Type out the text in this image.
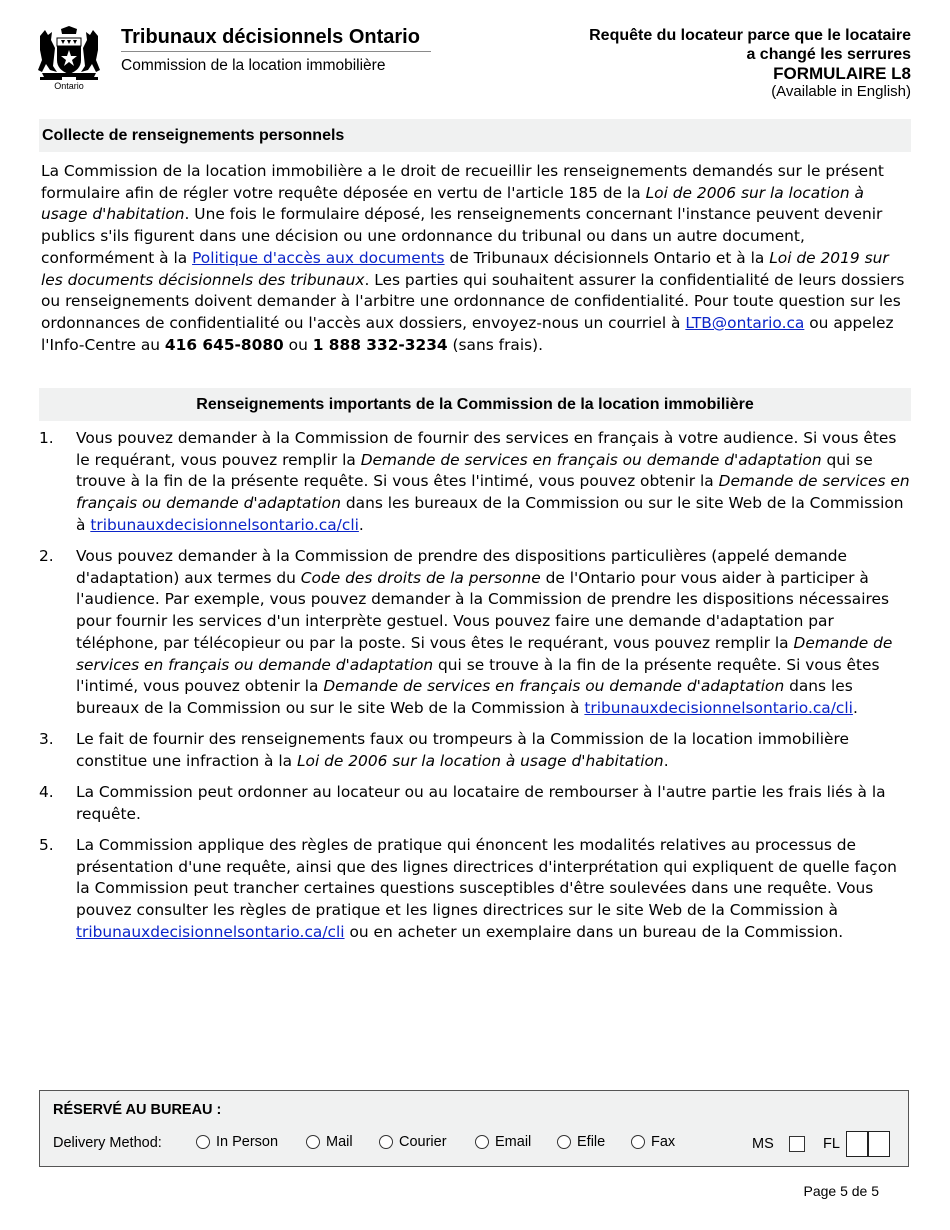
Ontario
Tribunaux décisionnels Ontario
Commission de la location immobilière
Requête du locateur parce que le locataire
a changé les serrures
FORMULAIRE L8
(Available in English)
Collecte de renseignements personnels
La Commission de la location immobilière a le droit de recueillir les renseignements demandés sur le présent formulaire afin de régler votre requête déposée en vertu de l'article 185 de la Loi de 2006 sur la location à usage d'habitation. Une fois le formulaire déposé, les renseignements concernant l'instance peuvent devenir publics s'ils figurent dans une décision ou une ordonnance du tribunal ou dans un autre document, conformément à la Politique d'accès aux documents de Tribunaux décisionnels Ontario et à la Loi de 2019 sur les documents décisionnels des tribunaux. Les parties qui souhaitent assurer la confidentialité de leurs dossiers ou renseignements doivent demander à l'arbitre une ordonnance de confidentialité. Pour toute question sur les ordonnances de confidentialité ou l'accès aux dossiers, envoyez-nous un courriel à LTB@ontario.ca ou appelez l'Info-Centre au 416 645-8080 ou 1 888 332-3234 (sans frais).
Renseignements importants de la Commission de la location immobilière
1.	Vous pouvez demander à la Commission de fournir des services en français à votre audience. Si vous êtes le requérant, vous pouvez remplir la Demande de services en français ou demande d'adaptation qui se trouve à la fin de la présente requête. Si vous êtes l'intimé, vous pouvez obtenir la Demande de services en français ou demande d'adaptation dans les bureaux de la Commission ou sur le site Web de la Commission à tribunauxdecisionnelsontario.ca/cli.
2.	Vous pouvez demander à la Commission de prendre des dispositions particulières (appelé demande d'adaptation) aux termes du Code des droits de la personne de l'Ontario pour vous aider à participer à l'audience. Par exemple, vous pouvez demander à la Commission de prendre les dispositions nécessaires pour fournir les services d'un interprète gestuel. Vous pouvez faire une demande d'adaptation par téléphone, par télécopieur ou par la poste. Si vous êtes le requérant, vous pouvez remplir la Demande de services en français ou demande d'adaptation qui se trouve à la fin de la présente requête. Si vous êtes l'intimé, vous pouvez obtenir la Demande de services en français ou demande d'adaptation dans les bureaux de la Commission ou sur le site Web de la Commission à tribunauxdecisionnelsontario.ca/cli.
3.	Le fait de fournir des renseignements faux ou trompeurs à la Commission de la location immobilière constitue une infraction à la Loi de 2006 sur la location à usage d'habitation.
4.	La Commission peut ordonner au locateur ou au locataire de rembourser à l'autre partie les frais liés à la requête.
5.	La Commission applique des règles de pratique qui énoncent les modalités relatives au processus de présentation d'une requête, ainsi que des lignes directrices d'interprétation qui expliquent de quelle façon la Commission peut trancher certaines questions susceptibles d'être soulevées dans une requête. Vous pouvez consulter les règles de pratique et les lignes directrices sur le site Web de la Commission à tribunauxdecisionnelsontario.ca/cli ou en acheter un exemplaire dans un bureau de la Commission.
RÉSERVÉ AU BUREAU :
Delivery Method:	In Person	Mail	Courier	Email	Efile	Fax	MS	FL
Page 5 de 5
